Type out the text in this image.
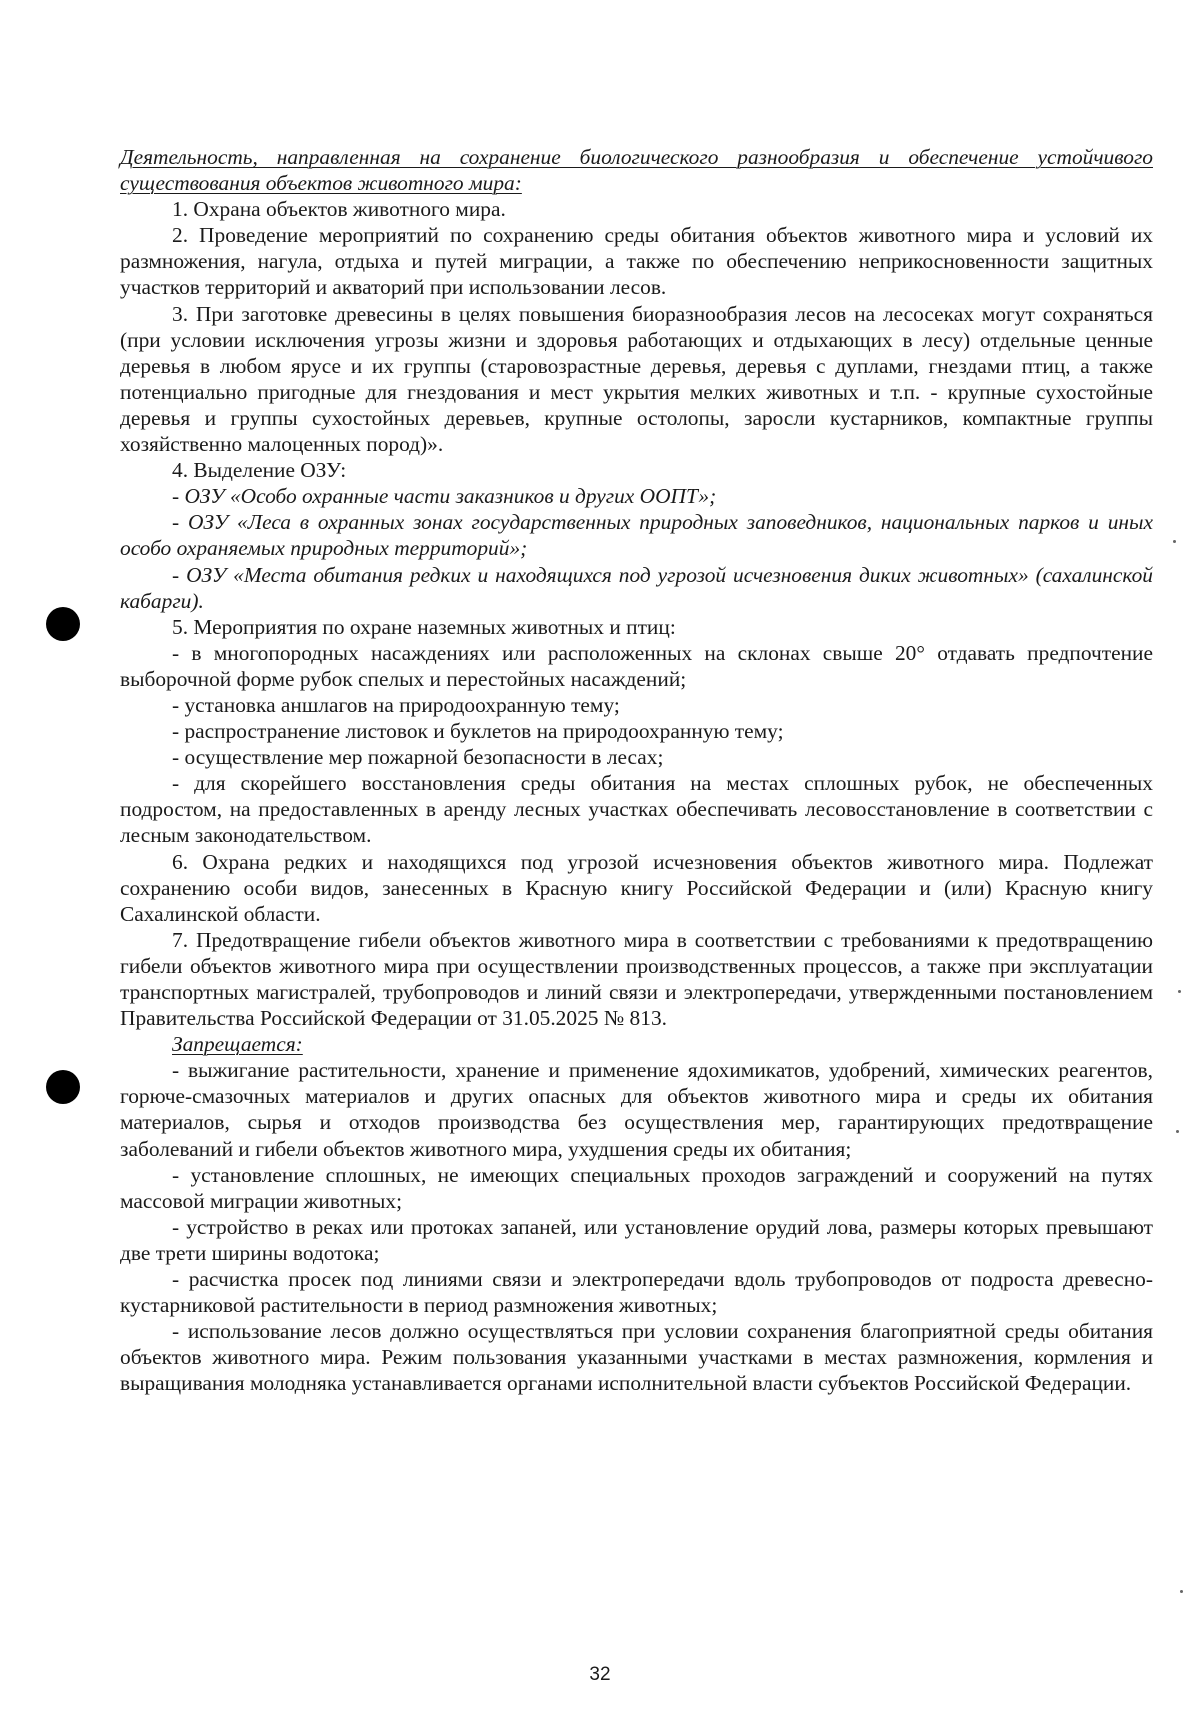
Деятельность, направленная на сохранение биологического разнообразия и обеспечение устойчивого существования объектов животного мира:

1. Охрана объектов животного мира.

2. Проведение мероприятий по сохранению среды обитания объектов животного мира и условий их размножения, нагула, отдыха и путей миграции, а также по обеспечению неприкосновенности защитных участков территорий и акваторий при использовании лесов.

3. При заготовке древесины в целях повышения биоразнообразия лесов на лесосеках могут сохраняться (при условии исключения угрозы жизни и здоровья работающих и отдыхающих в лесу) отдельные ценные деревья в любом ярусе и их группы (старовозрастные деревья, деревья с дуплами, гнездами птиц, а также потенциально пригодные для гнездования и мест укрытия мелких животных и т.п. - крупные сухостойные деревья и группы сухостойных деревьев, крупные остолопы, заросли кустарников, компактные группы хозяйственно малоценных пород)».

4. Выделение ОЗУ:

- ОЗУ «Особо охранные части заказников и других ООПТ»;

- ОЗУ «Леса в охранных зонах государственных природных заповедников, национальных парков и иных особо охраняемых природных территорий»;

- ОЗУ «Места обитания редких и находящихся под угрозой исчезновения диких животных» (сахалинской кабарги).

5. Мероприятия по охране наземных животных и птиц:

- в многопородных насаждениях или расположенных на склонах свыше 20° отдавать предпочтение выборочной форме рубок спелых и перестойных насаждений;

- установка аншлагов на природоохранную тему;

- распространение листовок и буклетов на природоохранную тему;

- осуществление мер пожарной безопасности в лесах;

- для скорейшего восстановления среды обитания на местах сплошных рубок, не обеспеченных подростом, на предоставленных в аренду лесных участках обеспечивать лесовосстановление в соответствии с лесным законодательством.

6. Охрана редких и находящихся под угрозой исчезновения объектов животного мира. Подлежат сохранению особи видов, занесенных в Красную книгу Российской Федерации и (или) Красную книгу Сахалинской области.

7. Предотвращение гибели объектов животного мира в соответствии с требованиями к предотвращению гибели объектов животного мира при осуществлении производственных процессов, а также при эксплуатации транспортных магистралей, трубопроводов и линий связи и электропередачи, утвержденными постановлением Правительства Российской Федерации от 31.05.2025 № 813.

Запрещается:

- выжигание растительности, хранение и применение ядохимикатов, удобрений, химических реагентов, горюче-смазочных материалов и других опасных для объектов животного мира и среды их обитания материалов, сырья и отходов производства без осуществления мер, гарантирующих предотвращение заболеваний и гибели объектов животного мира, ухудшения среды их обитания;

- установление сплошных, не имеющих специальных проходов заграждений и сооружений на путях массовой миграции животных;

- устройство в реках или протоках запаней, или установление орудий лова, размеры которых превышают две трети ширины водотока;

- расчистка просек под линиями связи и электропередачи вдоль трубопроводов от подроста древесно-кустарниковой растительности в период размножения животных;

- использование лесов должно осуществляться при условии сохранения благоприятной среды обитания объектов животного мира. Режим пользования указанными участками в местах размножения, кормления и выращивания молодняка устанавливается органами исполнительной власти субъектов Российской Федерации.

32
